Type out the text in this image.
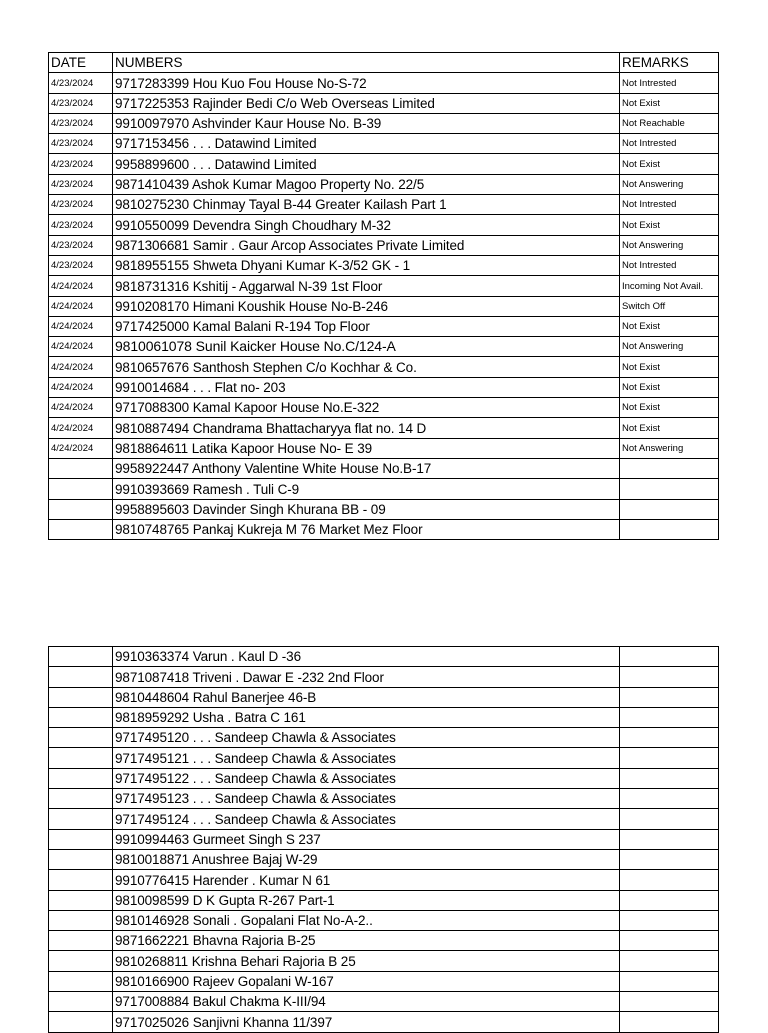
DATE	NUMBERS	REMARKS
4/23/2024	9717283399 Hou Kuo Fou House No-S-72	Not Intrested
4/23/2024	9717225353 Rajinder Bedi C/o Web Overseas Limited	Not Exist
4/23/2024	9910097970 Ashvinder Kaur House No. B-39	Not Reachable
4/23/2024	9717153456 . . . Datawind Limited	Not Intrested
4/23/2024	9958899600 . . . Datawind Limited	Not Exist
4/23/2024	9871410439 Ashok Kumar Magoo Property No. 22/5	Not Answering
4/23/2024	9810275230 Chinmay Tayal B-44 Greater Kailash Part 1	Not Intrested
4/23/2024	9910550099 Devendra Singh Choudhary M-32	Not Exist
4/23/2024	9871306681 Samir . Gaur Arcop Associates Private Limited	Not Answering
4/23/2024	9818955155 Shweta Dhyani Kumar K-3/52 GK - 1	Not Intrested
4/24/2024	9818731316 Kshitij - Aggarwal N-39 1st Floor	Incoming Not Avail.
4/24/2024	9910208170 Himani Koushik House No-B-246	Switch Off
4/24/2024	9717425000 Kamal Balani R-194 Top Floor	Not Exist
4/24/2024	9810061078 Sunil Kaicker House No.C/124-A	Not Answering
4/24/2024	9810657676 Santhosh Stephen C/o Kochhar & Co.	Not Exist
4/24/2024	9910014684 . . . Flat no- 203	Not Exist
4/24/2024	9717088300 Kamal Kapoor House No.E-322	Not Exist
4/24/2024	9810887494 Chandrama Bhattacharyya flat no. 14 D	Not Exist
4/24/2024	9818864611 Latika Kapoor House No- E 39	Not Answering
	9958922447 Anthony Valentine White House No.B-17	
	9910393669 Ramesh . Tuli C-9	
	9958895603 Davinder Singh Khurana BB - 09	
	9810748765 Pankaj Kukreja M 76 Market Mez Floor	
	9910363374 Varun . Kaul D -36	
	9871087418 Triveni . Dawar E -232 2nd Floor	
	9810448604 Rahul Banerjee 46-B	
	9818959292 Usha . Batra C 161	
	9717495120 . . . Sandeep Chawla & Associates	
	9717495121 . . . Sandeep Chawla & Associates	
	9717495122 . . . Sandeep Chawla & Associates	
	9717495123 . . . Sandeep Chawla & Associates	
	9717495124 . . . Sandeep Chawla & Associates	
	9910994463 Gurmeet Singh S 237	
	9810018871 Anushree Bajaj W-29	
	9910776415 Harender . Kumar N 61	
	9810098599 D K Gupta R-267 Part-1	
	9810146928 Sonali . Gopalani Flat No-A-2..	
	9871662221 Bhavna Rajoria B-25	
	9810268811 Krishna Behari Rajoria B 25	
	9810166900 Rajeev Gopalani W-167	
	9717008884 Bakul Chakma K-III/94	
	9717025026 Sanjivni Khanna 11/397	
